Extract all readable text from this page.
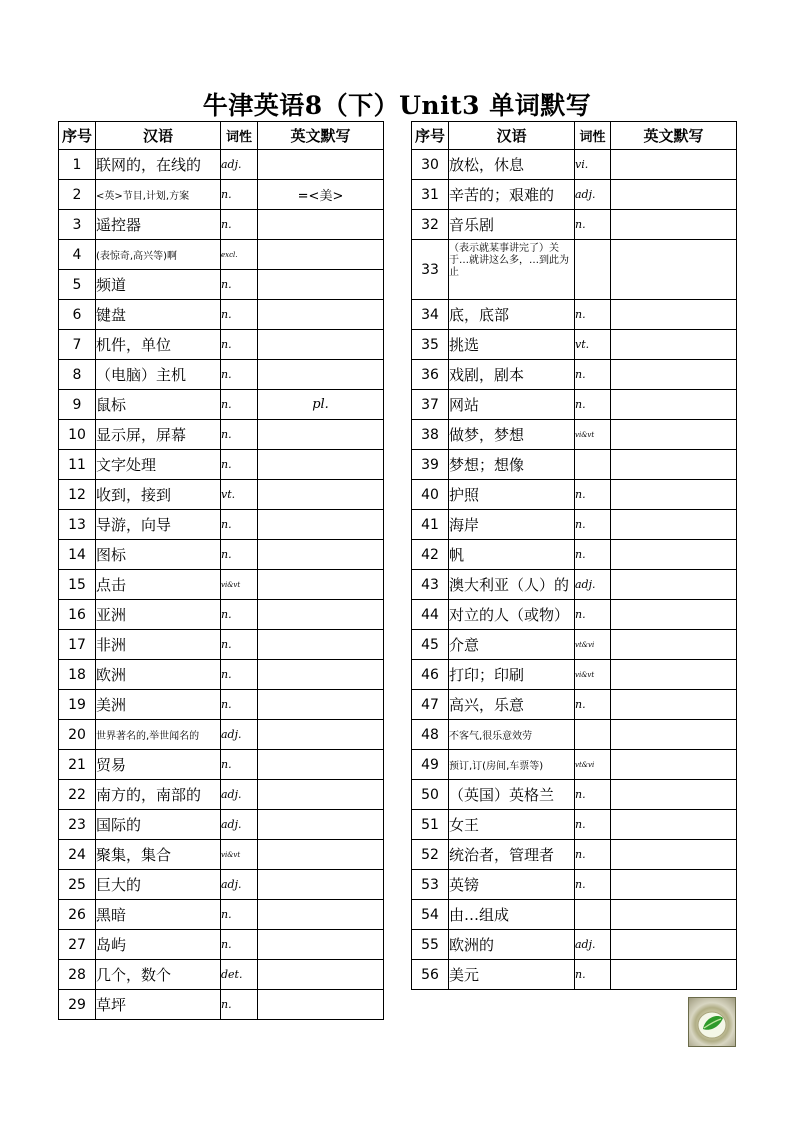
牛津英语8（下）Unit3 单词默写
序号	汉语	词性	英文默写
1	联网的，在线的	adj.	
2	<英>节目,计划,方案	n.	=<美>
3	遥控器	n.	
4	(表惊奇,高兴等)啊	excl.	
5	频道	n.	
6	键盘	n.	
7	机件，单位	n.	
8	（电脑）主机	n.	
9	鼠标	n.	pl.
10	显示屏，屏幕	n.	
11	文字处理	n.	
12	收到，接到	vt.	
13	导游，向导	n.	
14	图标	n.	
15	点击	vi&vt	
16	亚洲	n.	
17	非洲	n.	
18	欧洲	n.	
19	美洲	n.	
20	世界著名的,举世闻名的	adj.	
21	贸易	n.	
22	南方的，南部的	adj.	
23	国际的	adj.	
24	聚集，集合	vi&vt	
25	巨大的	adj.	
26	黑暗	n.	
27	岛屿	n.	
28	几个，数个	det.	
29	草坪	n.	
序号	汉语	词性	英文默写
30	放松，休息	vi.	
31	辛苦的；艰难的	adj.	
32	音乐剧	n.	
33	（表示就某事讲完了）关于…就讲这么多，…到此为止		
34	底，底部	n.	
35	挑选	vt.	
36	戏剧，剧本	n.	
37	网站	n.	
38	做梦，梦想	vi&vt	
39	梦想；想像		
40	护照	n.	
41	海岸	n.	
42	帆	n.	
43	澳大利亚（人）的	adj.	
44	对立的人（或物）	n.	
45	介意	vt&vi	
46	打印；印刷	vi&vt	
47	高兴，乐意	n.	
48	不客气,很乐意效劳		
49	预订,订(房间,车票等)	vt&vi	
50	（英国）英格兰	n.	
51	女王	n.	
52	统治者，管理者	n.	
53	英镑	n.	
54	由…组成		
55	欧洲的	adj.	
56	美元	n.	
